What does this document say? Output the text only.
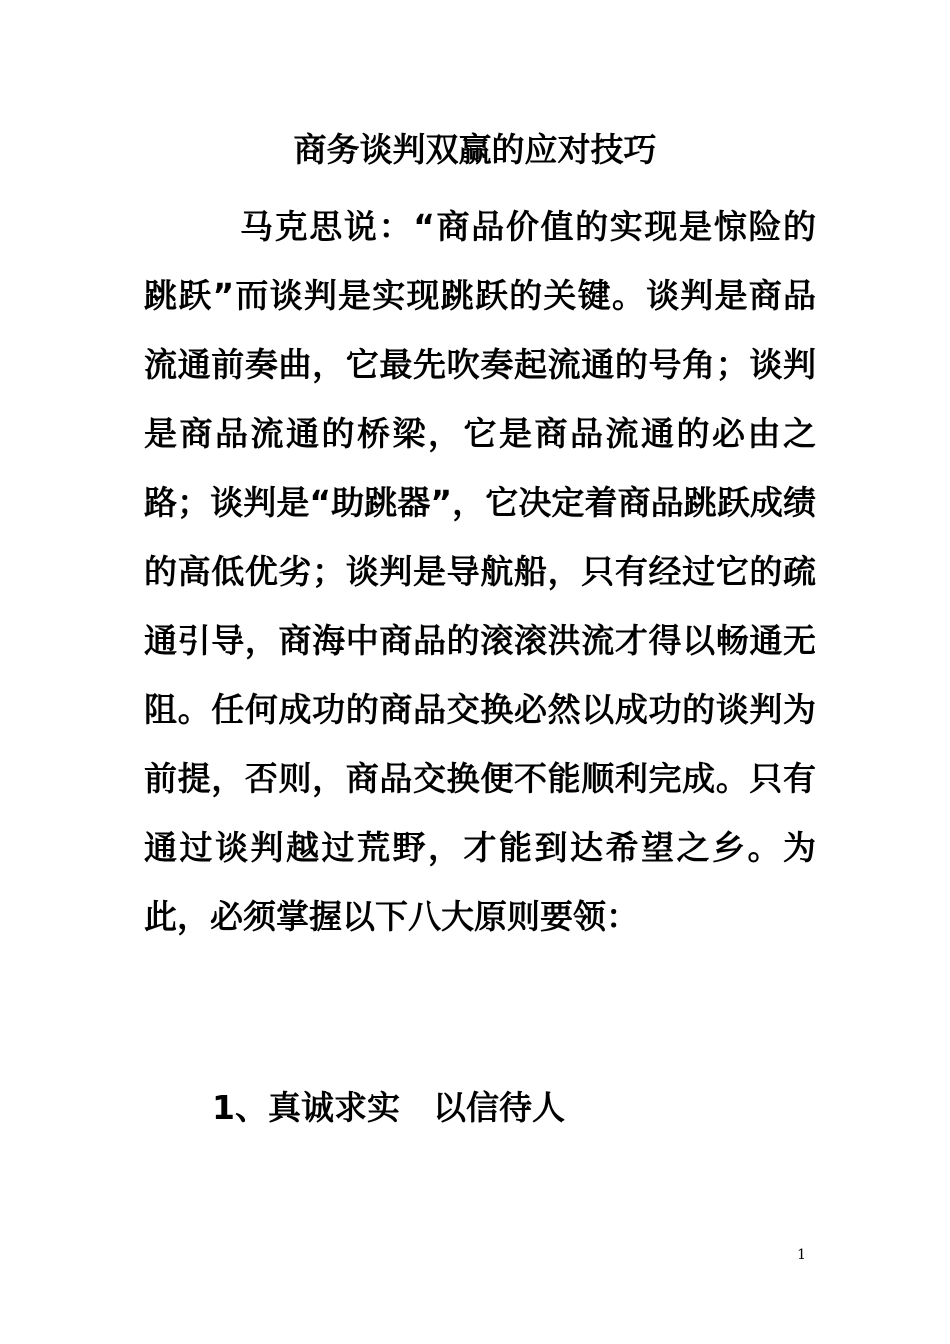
商务谈判双赢的应对技巧

马克思说：“商品价值的实现是惊险的跳跃”而谈判是实现跳跃的关键。谈判是商品流通前奏曲，它最先吹奏起流通的号角；谈判是商品流通的桥梁，它是商品流通的必由之路；谈判是“助跳器”，它决定着商品跳跃成绩的高低优劣；谈判是导航船，只有经过它的疏通引导，商海中商品的滚滚洪流才得以畅通无阻。任何成功的商品交换必然以成功的谈判为前提，否则，商品交换便不能顺利完成。只有通过谈判越过荒野，才能到达希望之乡。为此，必须掌握以下八大原则要领：

1、真诚求实　以信待人

1
